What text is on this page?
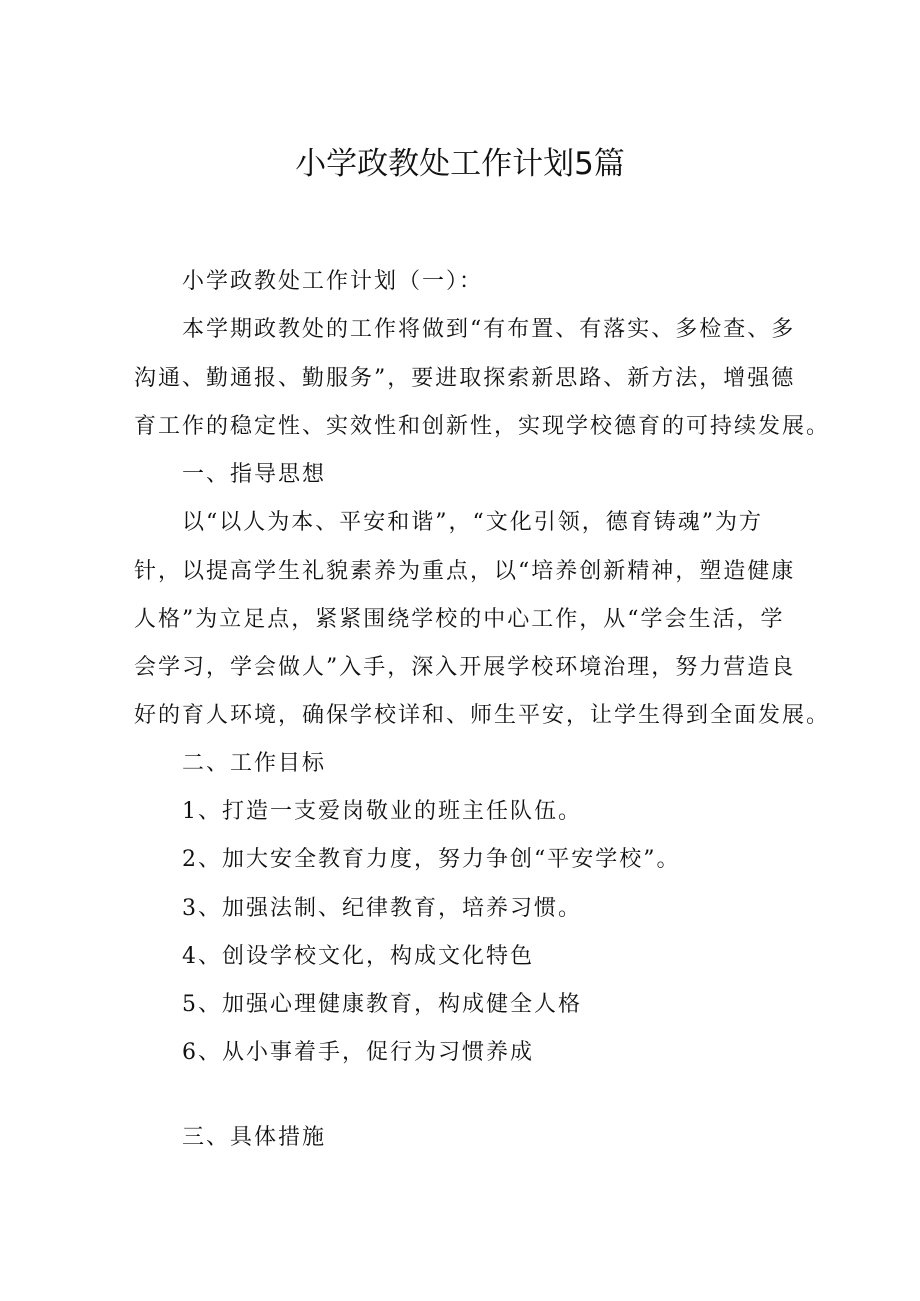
小学政教处工作计划5篇
小学政教处工作计划（一）：
本学期政教处的工作将做到“有布置、有落实、多检查、多
沟通、勤通报、勤服务”，要进取探索新思路、新方法，增强德
育工作的稳定性、实效性和创新性，实现学校德育的可持续发展。
一、指导思想
以“以人为本、平安和谐”，“文化引领，德育铸魂”为方
针，以提高学生礼貌素养为重点，以“培养创新精神，塑造健康
人格”为立足点，紧紧围绕学校的中心工作，从“学会生活，学
会学习，学会做人”入手，深入开展学校环境治理，努力营造良
好的育人环境，确保学校详和、师生平安，让学生得到全面发展。
二、工作目标
1、打造一支爱岗敬业的班主任队伍。
2、加大安全教育力度，努力争创“平安学校”。
3、加强法制、纪律教育，培养习惯。
4、创设学校文化，构成文化特色
5、加强心理健康教育，构成健全人格
6、从小事着手，促行为习惯养成
三、具体措施
